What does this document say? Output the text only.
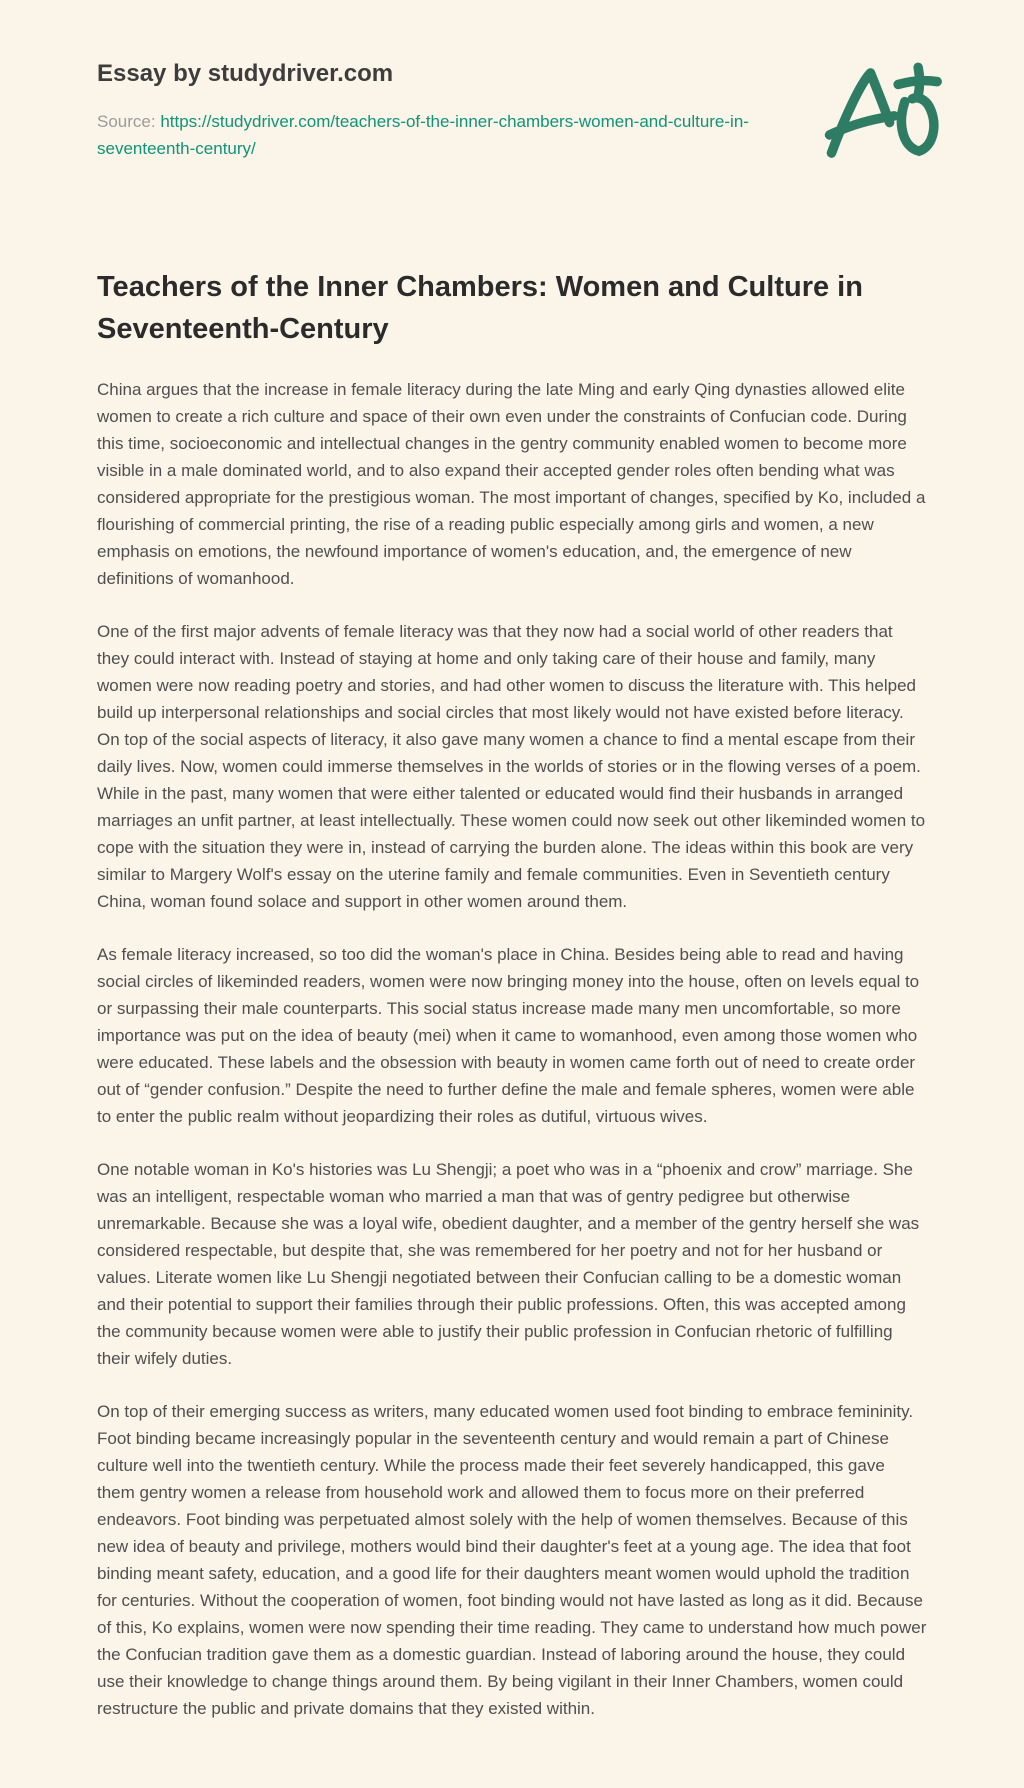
Essay by studydriver.com

Source: https://studydriver.com/teachers-of-the-inner-chambers-women-and-culture-in-seventeenth-century/

Teachers of the Inner Chambers: Women and Culture in Seventeenth-Century

China argues that the increase in female literacy during the late Ming and early Qing dynasties allowed elite women to create a rich culture and space of their own even under the constraints of Confucian code. During this time, socioeconomic and intellectual changes in the gentry community enabled women to become more visible in a male dominated world, and to also expand their accepted gender roles often bending what was considered appropriate for the prestigious woman. The most important of changes, specified by Ko, included a flourishing of commercial printing, the rise of a reading public especially among girls and women, a new emphasis on emotions, the newfound importance of women's education, and, the emergence of new definitions of womanhood.

One of the first major advents of female literacy was that they now had a social world of other readers that they could interact with. Instead of staying at home and only taking care of their house and family, many women were now reading poetry and stories, and had other women to discuss the literature with. This helped build up interpersonal relationships and social circles that most likely would not have existed before literacy. On top of the social aspects of literacy, it also gave many women a chance to find a mental escape from their daily lives. Now, women could immerse themselves in the worlds of stories or in the flowing verses of a poem. While in the past, many women that were either talented or educated would find their husbands in arranged marriages an unfit partner, at least intellectually. These women could now seek out other likeminded women to cope with the situation they were in, instead of carrying the burden alone. The ideas within this book are very similar to Margery Wolf's essay on the uterine family and female communities. Even in Seventieth century China, woman found solace and support in other women around them.

As female literacy increased, so too did the woman's place in China. Besides being able to read and having social circles of likeminded readers, women were now bringing money into the house, often on levels equal to or surpassing their male counterparts. This social status increase made many men uncomfortable, so more importance was put on the idea of beauty (mei) when it came to womanhood, even among those women who were educated. These labels and the obsession with beauty in women came forth out of need to create order out of “gender confusion.” Despite the need to further define the male and female spheres, women were able to enter the public realm without jeopardizing their roles as dutiful, virtuous wives.

One notable woman in Ko's histories was Lu Shengji; a poet who was in a “phoenix and crow” marriage. She was an intelligent, respectable woman who married a man that was of gentry pedigree but otherwise unremarkable. Because she was a loyal wife, obedient daughter, and a member of the gentry herself she was considered respectable, but despite that, she was remembered for her poetry and not for her husband or values. Literate women like Lu Shengji negotiated between their Confucian calling to be a domestic woman and their potential to support their families through their public professions. Often, this was accepted among the community because women were able to justify their public profession in Confucian rhetoric of fulfilling their wifely duties.

On top of their emerging success as writers, many educated women used foot binding to embrace femininity. Foot binding became increasingly popular in the seventeenth century and would remain a part of Chinese culture well into the twentieth century. While the process made their feet severely handicapped, this gave them gentry women a release from household work and allowed them to focus more on their preferred endeavors. Foot binding was perpetuated almost solely with the help of women themselves. Because of this new idea of beauty and privilege, mothers would bind their daughter's feet at a young age. The idea that foot binding meant safety, education, and a good life for their daughters meant women would uphold the tradition for centuries. Without the cooperation of women, foot binding would not have lasted as long as it did. Because of this, Ko explains, women were now spending their time reading. They came to understand how much power the Confucian tradition gave them as a domestic guardian. Instead of laboring around the house, they could use their knowledge to change things around them. By being vigilant in their Inner Chambers, women could restructure the public and private domains that they existed within.
